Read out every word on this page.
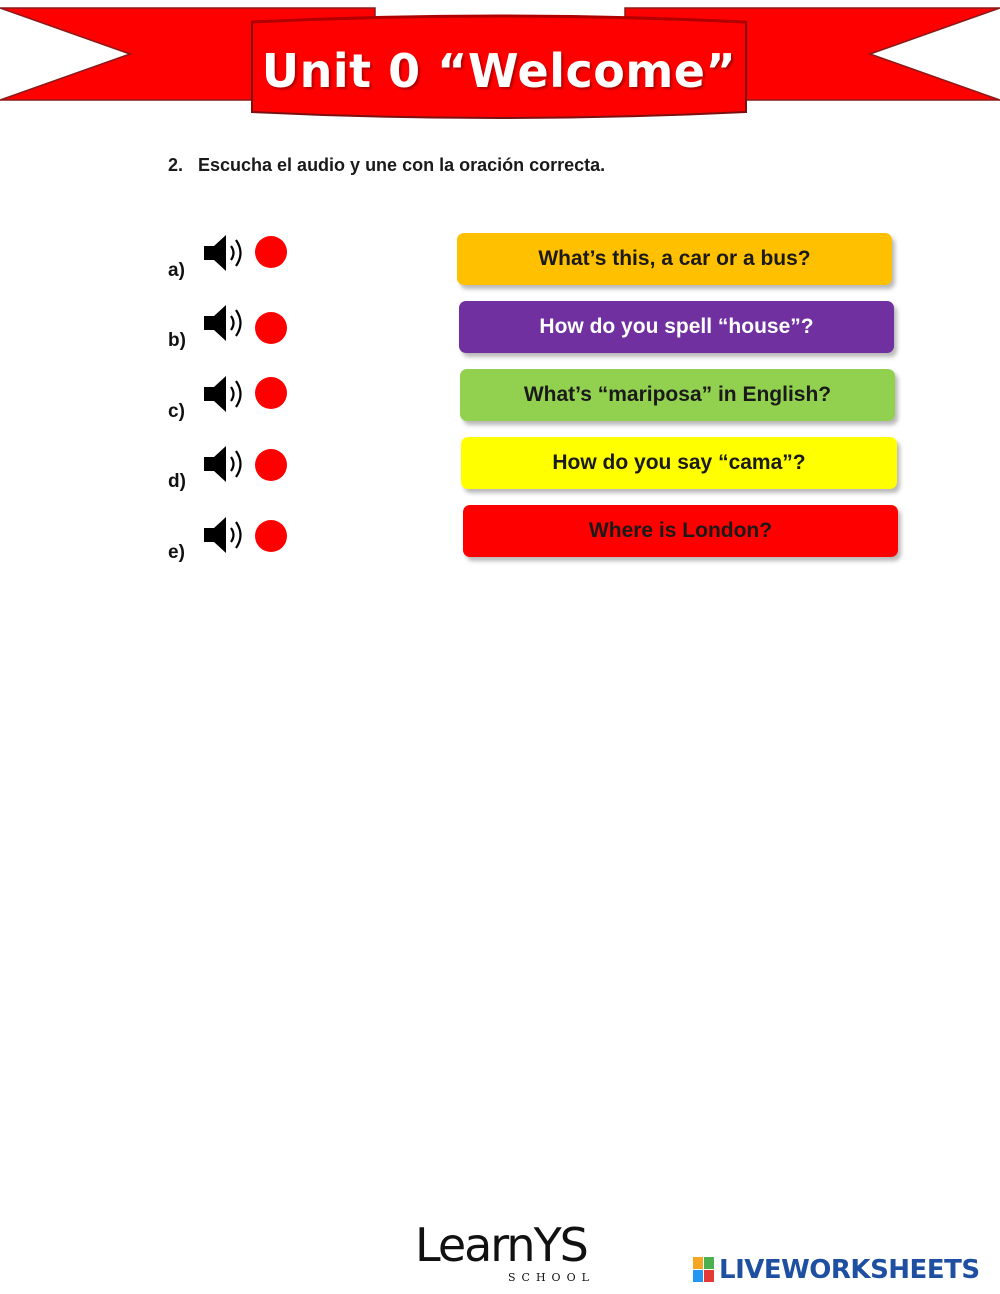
Unit 0 “Welcome”
2. Escucha el audio y une con la oración correcta.
a)
b)
c)
d)
e)
What’s this, a car or a bus?
How do you spell “house”?
What’s “mariposa” in English?
How do you say “cama”?
Where is London?
LearnYS
SCHOOL	LIVEWORKSHEETS
